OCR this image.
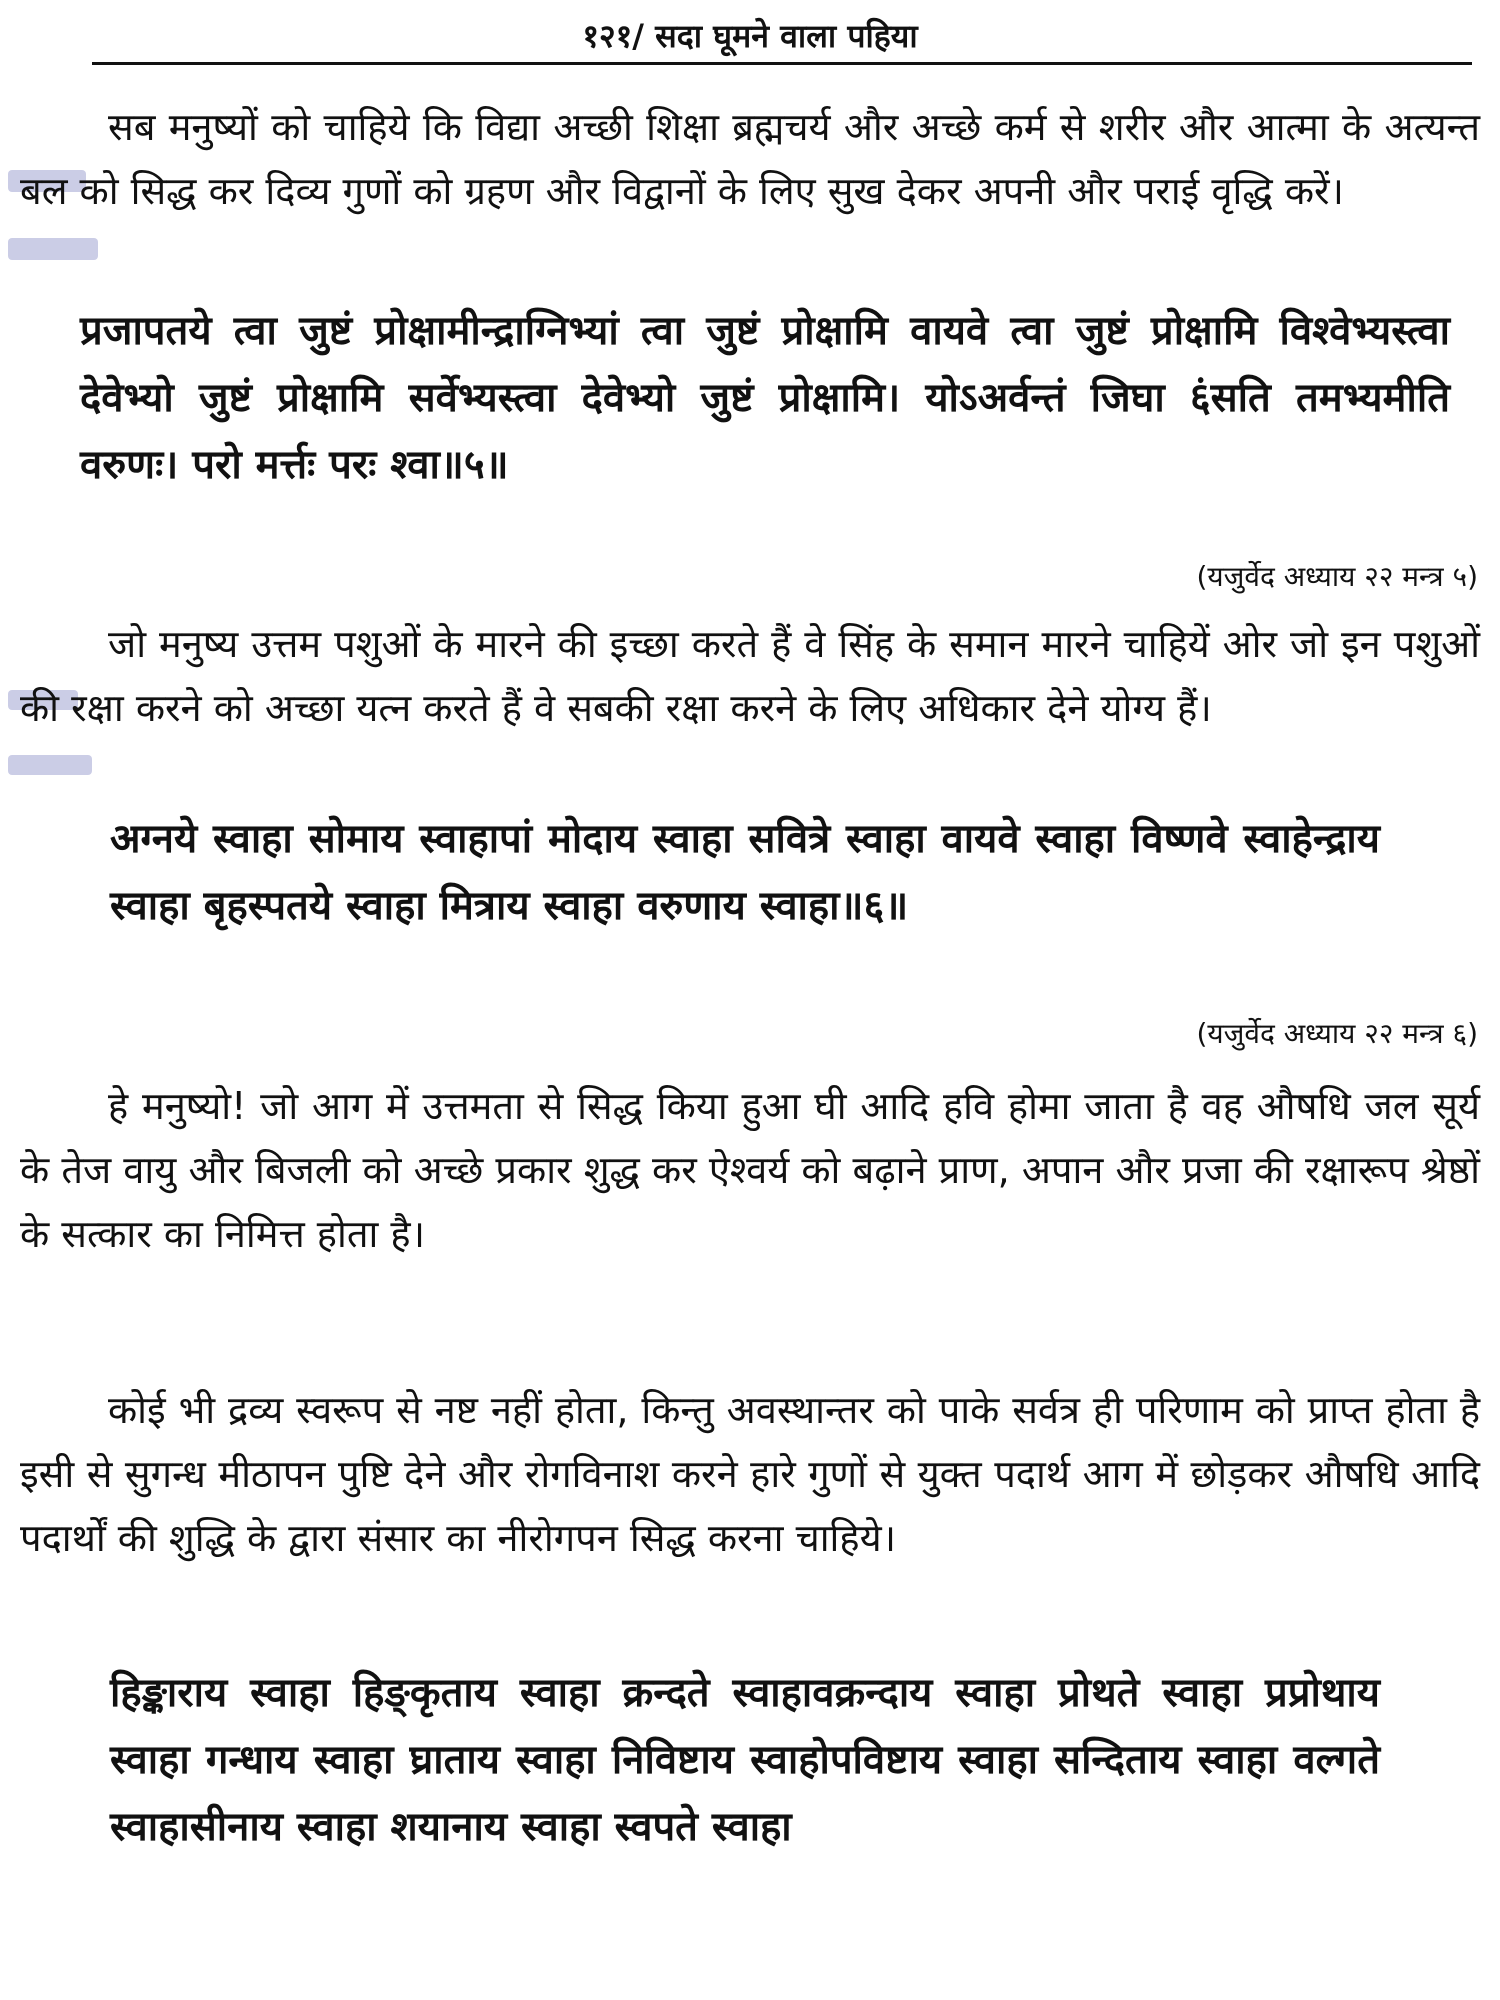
१२१/ सदा घूमने वाला पहिया

सब मनुष्यों को चाहिये कि विद्या अच्छी शिक्षा ब्रह्मचर्य और अच्छे कर्म से शरीर और आत्मा के अत्यन्त बल को सिद्ध कर दिव्य गुणों को ग्रहण और विद्वानों के लिए सुख देकर अपनी और पराई वृद्धि करें।

प्रजापतये त्वा जुष्टं प्रोक्षामीन्द्राग्निभ्यां त्वा जुष्टं प्रोक्षामि वायवे त्वा जुष्टं प्रोक्षामि विश्वेभ्यस्त्वा देवेभ्यो जुष्टं प्रोक्षामि सर्वेभ्यस्त्वा देवेभ्यो जुष्टं प्रोक्षामि। योऽअर्वन्तं जिघा ६ंसति तमभ्यमीति वरुणः। परो मर्त्तः परः श्वा॥५॥

(यजुर्वेद अध्याय २२ मन्त्र ५)

जो मनुष्य उत्तम पशुओं के मारने की इच्छा करते हैं वे सिंह के समान मारने चाहियें ओर जो इन पशुओं की रक्षा करने को अच्छा यत्न करते हैं वे सबकी रक्षा करने के लिए अधिकार देने योग्य हैं।

अग्नये स्वाहा सोमाय स्वाहापां मोदाय स्वाहा सवित्रे स्वाहा वायवे स्वाहा विष्णवे स्वाहेन्द्राय स्वाहा बृहस्पतये स्वाहा मित्राय स्वाहा वरुणाय स्वाहा॥६॥

(यजुर्वेद अध्याय २२ मन्त्र ६)

हे मनुष्यो! जो आग में उत्तमता से सिद्ध किया हुआ घी आदि हवि होमा जाता है वह औषधि जल सूर्य के तेज वायु और बिजली को अच्छे प्रकार शुद्ध कर ऐश्वर्य को बढ़ाने प्राण, अपान और प्रजा की रक्षारूप श्रेष्ठों के सत्कार का निमित्त होता है।

कोई भी द्रव्य स्वरूप से नष्ट नहीं होता, किन्तु अवस्थान्तर को पाके सर्वत्र ही परिणाम को प्राप्त होता है इसी से सुगन्ध मीठापन पुष्टि देने और रोगविनाश करने हारे गुणों से युक्त पदार्थ आग में छोड़कर औषधि आदि पदार्थों की शुद्धि के द्वारा संसार का नीरोगपन सिद्ध करना चाहिये।

हिङ्काराय स्वाहा हिङ्कृताय स्वाहा क्रन्दते स्वाहावक्रन्दाय स्वाहा प्रोथते स्वाहा प्रप्रोथाय स्वाहा गन्धाय स्वाहा घ्राताय स्वाहा निविष्टाय स्वाहोपविष्टाय स्वाहा सन्दिताय स्वाहा वल्गते स्वाहासीनाय स्वाहा शयानाय स्वाहा स्वपते स्वाहा
